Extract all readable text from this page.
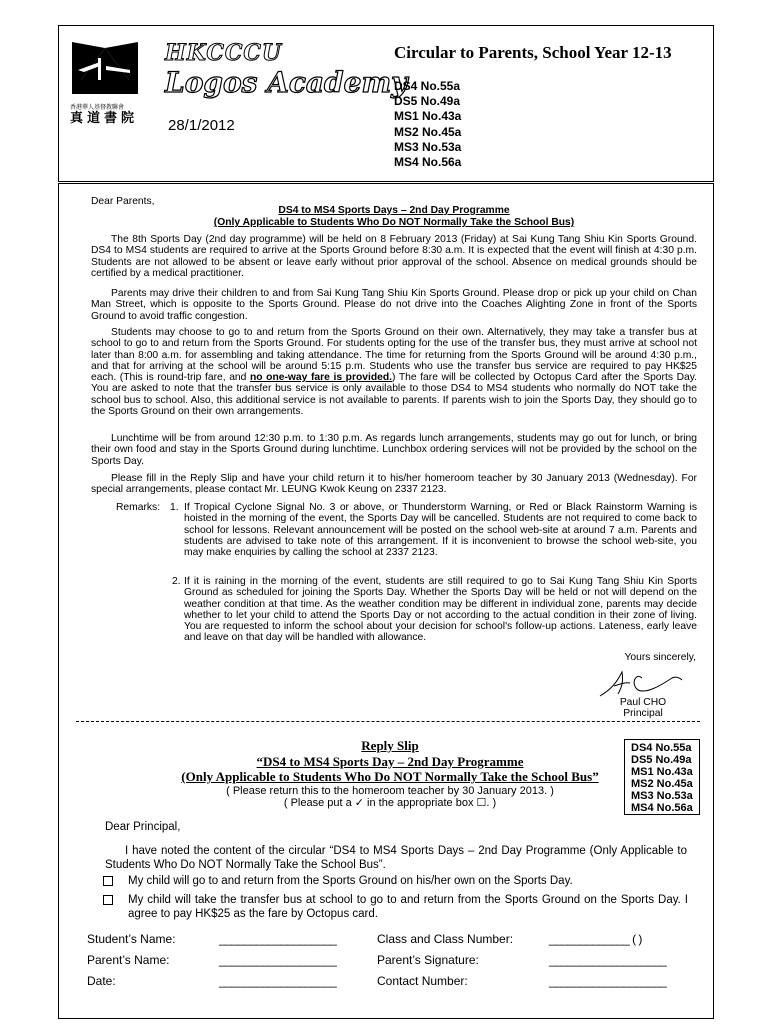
香港華人基督教聯會
真道書院
HKCCCU
Logos Academy
28/1/2012
Circular to Parents, School Year 12-13
DS4 No.55a
DS5 No.49a
MS1 No.43a
MS2 No.45a
MS3 No.53a
MS4 No.56a
Dear Parents,
DS4 to MS4 Sports Days – 2nd Day Programme
(Only Applicable to Students Who Do NOT Normally Take the School Bus)
The 8th Sports Day (2nd day programme) will be held on 8 February 2013 (Friday) at Sai Kung Tang Shiu Kin Sports Ground. DS4 to MS4 students are required to arrive at the Sports Ground before 8:30 a.m. It is expected that the event will finish at 4:30 p.m. Students are not allowed to be absent or leave early without prior approval of the school. Absence on medical grounds should be certified by a medical practitioner.
Parents may drive their children to and from Sai Kung Tang Shiu Kin Sports Ground. Please drop or pick up your child on Chan Man Street, which is opposite to the Sports Ground. Please do not drive into the Coaches Alighting Zone in front of the Sports Ground to avoid traffic congestion.
Students may choose to go to and return from the Sports Ground on their own. Alternatively, they may take a transfer bus at school to go to and return from the Sports Ground. For students opting for the use of the transfer bus, they must arrive at school not later than 8:00 a.m. for assembling and taking attendance. The time for returning from the Sports Ground will be around 4:30 p.m., and that for arriving at the school will be around 5:15 p.m. Students who use the transfer bus service are required to pay HK$25 each. (This is round-trip fare, and no one-way fare is provided.) The fare will be collected by Octopus Card after the Sports Day. You are asked to note that the transfer bus service is only available to those DS4 to MS4 students who normally do NOT take the school bus to school. Also, this additional service is not available to parents. If parents wish to join the Sports Day, they should go to the Sports Ground on their own arrangements.
Lunchtime will be from around 12:30 p.m. to 1:30 p.m. As regards lunch arrangements, students may go out for lunch, or bring their own food and stay in the Sports Ground during lunchtime. Lunchbox ordering services will not be provided by the school on the Sports Day.
Please fill in the Reply Slip and have your child return it to his/her homeroom teacher by 30 January 2013 (Wednesday). For special arrangements, please contact Mr. LEUNG Kwok Keung on 2337 2123.
Remarks: 1. If Tropical Cyclone Signal No. 3 or above, or Thunderstorm Warning, or Red or Black Rainstorm Warning is hoisted in the morning of the event, the Sports Day will be cancelled. Students are not required to come back to school for lessons. Relevant announcement will be posted on the school web-site at around 7 a.m. Parents and students are advised to take note of this arrangement. If it is inconvenient to browse the school web-site, you may make enquiries by calling the school at 2337 2123.
2. If it is raining in the morning of the event, students are still required to go to Sai Kung Tang Shiu Kin Sports Ground as scheduled for joining the Sports Day. Whether the Sports Day will be held or not will depend on the weather condition at that time. As the weather condition may be different in individual zone, parents may decide whether to let your child to attend the Sports Day or not according to the actual condition in their zone of living. You are requested to inform the school about your decision for school's follow-up actions. Lateness, early leave and leave on that day will be handled with allowance.
Yours sincerely,
Paul CHO
Principal
Reply Slip
“DS4 to MS4 Sports Day – 2nd Day Programme
(Only Applicable to Students Who Do NOT Normally Take the School Bus”
( Please return this to the homeroom teacher by 30 January 2013. )
( Please put a ✓ in the appropriate box ☐. )
DS4 No.55a
DS5 No.49a
MS1 No.43a
MS2 No.45a
MS3 No.53a
MS4 No.56a
Dear Principal,
I have noted the content of the circular “DS4 to MS4 Sports Days – 2nd Day Programme (Only Applicable to Students Who Do NOT Normally Take the School Bus”.
My child will go to and return from the Sports Ground on his/her own on the Sports Day.
My child will take the transfer bus at school to go to and return from the Sports Ground on the Sports Day. I agree to pay HK$25 as the fare by Octopus card.
Student’s Name:	___________________	Class and Class Number:	_____________ ( )
Parent’s Name:	___________________	Parent’s Signature:	___________________
Date:	___________________	Contact Number:	___________________
